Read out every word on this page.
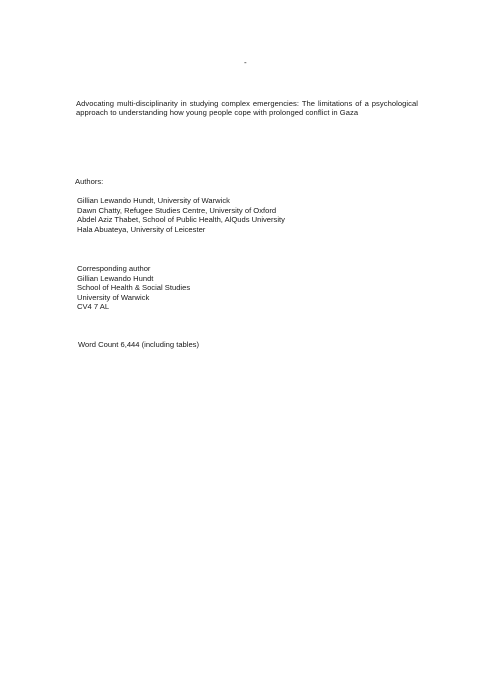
-
Advocating multi-disciplinarity in studying complex emergencies: The limitations of a psychological approach to understanding how young people cope with prolonged conflict in Gaza
Authors:
Gillian Lewando Hundt, University of Warwick
Dawn Chatty, Refugee Studies Centre, University of Oxford
Abdel Aziz Thabet, School of Public Health, AlQuds University
Hala Abuateya, University of Leicester
Corresponding author
Gillian Lewando Hundt
School of Health & Social Studies
University of Warwick
CV4 7 AL
Word Count 6,444 (including tables)
